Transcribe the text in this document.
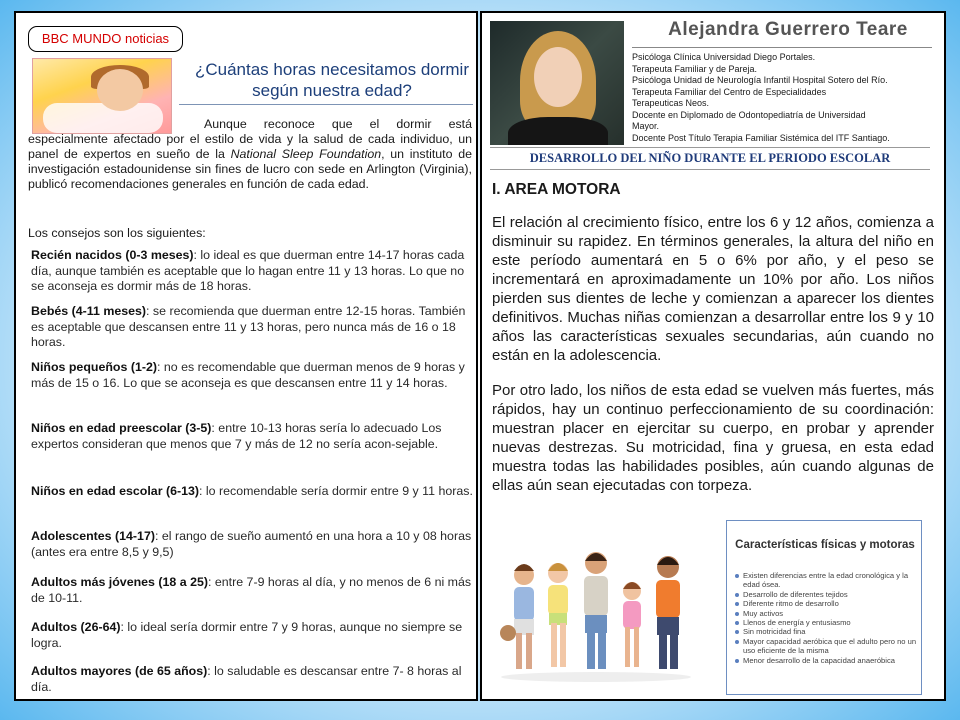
BBC MUNDO noticias
¿Cuántas horas necesitamos dormir según nuestra edad?
Aunque reconoce que el dormir está especialmente afectado por el estilo de vida y la salud de cada individuo, un panel de expertos en sueño de la National Sleep Foundation, un instituto de investigación estadounidense sin fines de lucro con sede en Arlington (Virginia), publicó recomendaciones generales en función de cada edad.
Los consejos son los siguientes:
Recién nacidos (0-3 meses): lo ideal es que duerman entre 14-17 horas cada día, aunque también es aceptable que lo hagan entre 11 y 13 horas. Lo que no se aconseja es dormir más de 18 horas.
Bebés (4-11 meses): se recomienda que duerman entre 12-15 horas. También es aceptable que descansen entre 11 y 13 horas, pero nunca más de 16 o 18 horas.
Niños pequeños (1-2): no es recomendable que duerman menos de 9 horas y más de 15 o 16. Lo que se aconseja es que descansen entre 11 y 14 horas.
Niños en edad preescolar (3-5): entre 10-13 horas sería lo adecuado Los expertos consideran que menos que 7 y más de 12 no sería acon-sejable.
Niños en edad escolar (6-13): lo recomendable sería dormir entre 9 y 11 horas.
Adolescentes (14-17): el rango de sueño aumentó en una hora a 10 y 08 horas (antes era entre 8,5 y 9,5)
Adultos más jóvenes (18 a 25): entre 7-9 horas al día, y no menos de 6 ni más de 10-11.
Adultos (26-64): lo ideal sería dormir entre 7 y 9 horas, aunque no siempre se logra.
Adultos mayores (de 65 años): lo saludable es descansar entre 7- 8 horas al día.
Alejandra Guerrero Teare
Psicóloga Clínica Universidad Diego Portales.
Terapeuta Familiar y de Pareja.
Psicóloga Unidad de Neurología Infantil Hospital Sotero del Río.
Terapeuta Familiar del Centro de Especialidades
Terapeuticas Neos.
Docente en Diplomado de Odontopediatría de Universidad
Mayor.
Docente Post Título Terapia Familiar Sistémica del ITF Santiago.
DESARROLLO DEL NIÑO DURANTE EL PERIODO ESCOLAR
I. AREA MOTORA
El relación al crecimiento físico, entre los 6 y 12 años, comienza a disminuir su rapidez. En términos generales, la altura del niño en este período aumentará en 5 o 6% por año, y el peso se incrementará en aproximadamente un 10% por año. Los niños pierden sus dientes de leche y comienzan a aparecer los dientes definitivos. Muchas niñas comienzan a desarrollar entre los 9 y 10 años las características sexuales secundarias, aún cuando no están en la adolescencia.
Por otro lado, los niños de esta edad se vuelven más fuertes, más rápidos, hay un continuo perfeccionamiento de su coordinación: muestran placer en ejercitar su cuerpo, en probar y aprender nuevas destrezas. Su motricidad, fina y gruesa, en esta edad muestra todas las habilidades posibles, aún cuando algunas de ellas aún sean ejecutadas con torpeza.
Características físicas y motoras
Existen diferencias entre la edad cronológica y la edad ósea.
Desarrollo de diferentes tejidos
Diferente ritmo de desarrollo
Muy activos
Llenos de energía y entusiasmo
Sin motricidad fina
Mayor capacidad aeróbica que el adulto pero no un uso eficiente de la misma
Menor desarrollo de la capacidad anaeróbica
